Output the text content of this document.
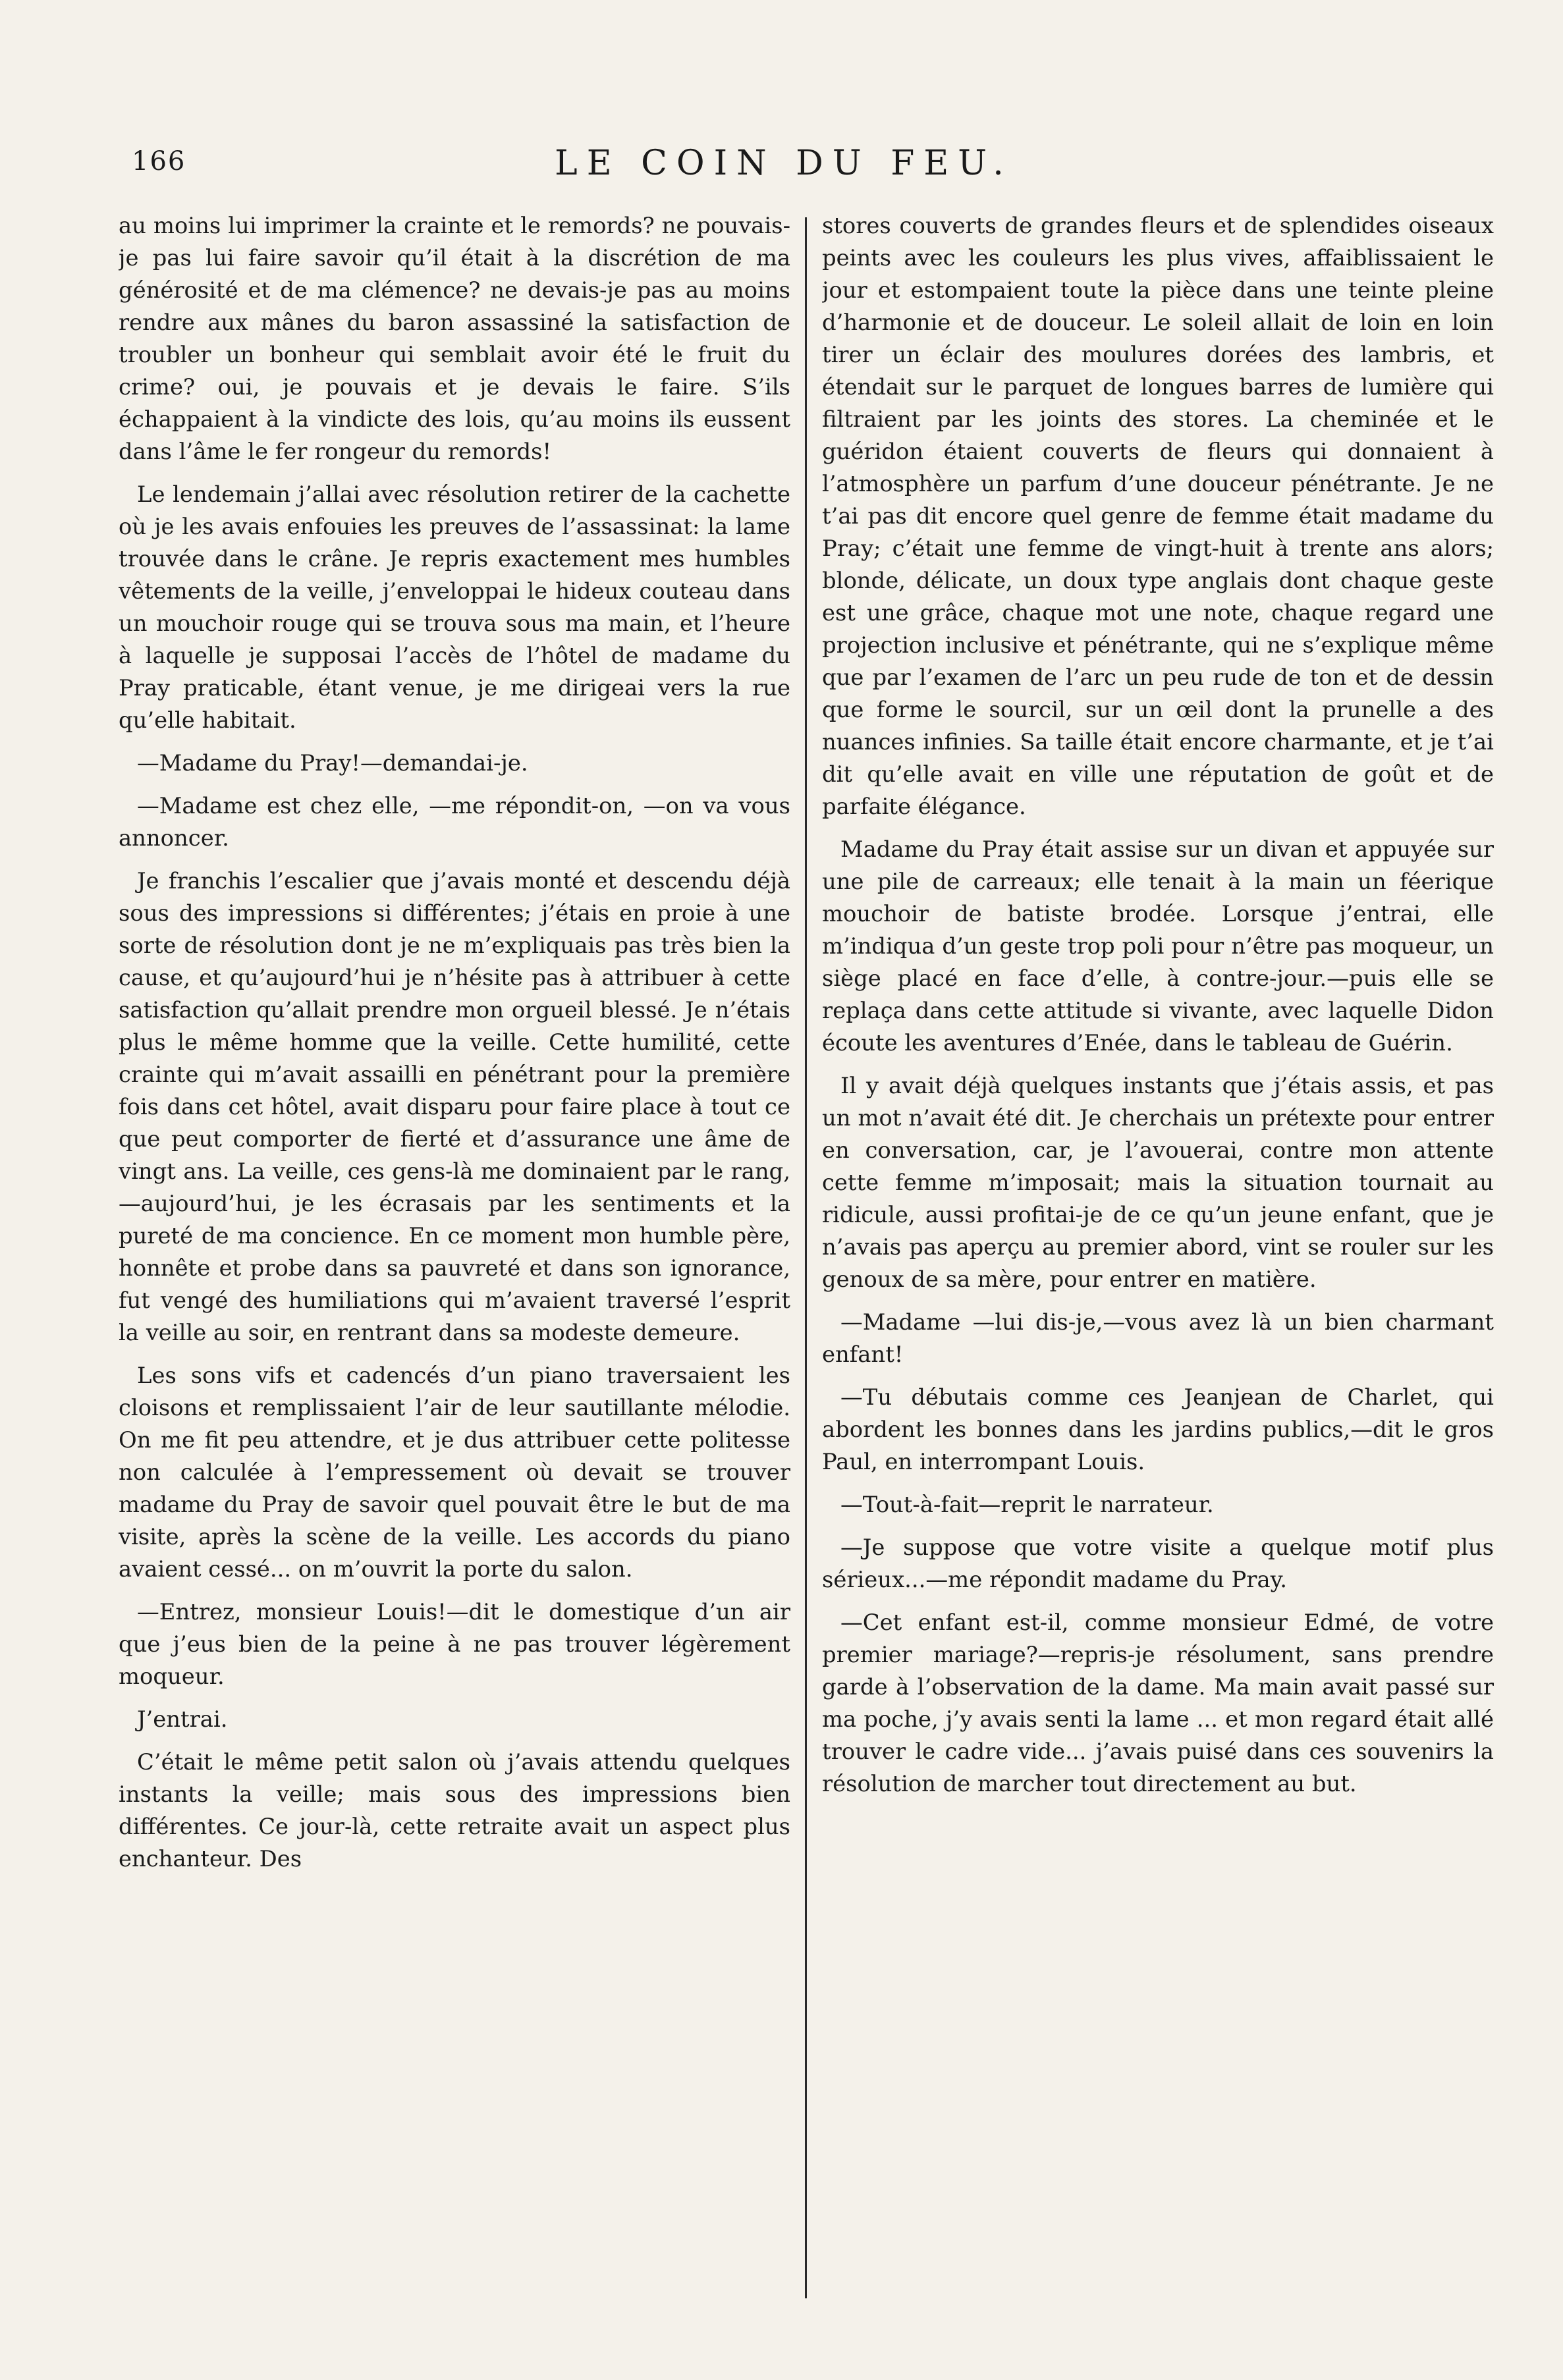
166	LE COIN DU FEU.

au moins lui imprimer la crainte et le remords? ne pouvais-je pas lui faire savoir qu’il était à la discrétion de ma générosité et de ma clémence? ne devais-je pas au moins rendre aux mânes du baron assassiné la satisfaction de troubler un bonheur qui semblait avoir été le fruit du crime? oui, je pouvais et je devais le faire. S’ils échappaient à la vindicte des lois, qu’au moins ils eussent dans l’âme le fer rongeur du remords!

Le lendemain j’allai avec résolution retirer de la cachette où je les avais enfouies les preuves de l’assassinat: la lame trouvée dans le crâne. Je repris exactement mes humbles vêtements de la veille, j’enveloppai le hideux couteau dans un mouchoir rouge qui se trouva sous ma main, et l’heure à laquelle je supposai l’accès de l’hôtel de madame du Pray praticable, étant venue, je me dirigeai vers la rue qu’elle habitait.

—Madame du Pray!—demandai-je.

—Madame est chez elle, —me répondit-on, —on va vous annoncer.

Je franchis l’escalier que j’avais monté et descendu déjà sous des impressions si différentes; j’étais en proie à une sorte de résolution dont je ne m’expliquais pas très bien la cause, et qu’aujourd’hui je n’hésite pas à attribuer à cette satisfaction qu’allait prendre mon orgueil blessé. Je n’étais plus le même homme que la veille. Cette humilité, cette crainte qui m’avait assailli en pénétrant pour la première fois dans cet hôtel, avait disparu pour faire place à tout ce que peut comporter de fierté et d’assurance une âme de vingt ans. La veille, ces gens-là me dominaient par le rang,—aujourd’hui, je les écrasais par les sentiments et la pureté de ma concience. En ce moment mon humble père, honnête et probe dans sa pauvreté et dans son ignorance, fut vengé des humiliations qui m’avaient traversé l’esprit la veille au soir, en rentrant dans sa modeste demeure.

Les sons vifs et cadencés d’un piano traversaient les cloisons et remplissaient l’air de leur sautillante mélodie. On me fit peu attendre, et je dus attribuer cette politesse non calculée à l’empressement où devait se trouver madame du Pray de savoir quel pouvait être le but de ma visite, après la scène de la veille. Les accords du piano avaient cessé... on m’ouvrit la porte du salon.

—Entrez, monsieur Louis!—dit le domestique d’un air que j’eus bien de la peine à ne pas trouver légèrement moqueur.

J’entrai.

C’était le même petit salon où j’avais attendu quelques instants la veille; mais sous des impressions bien différentes. Ce jour-là, cette retraite avait un aspect plus enchanteur. Des

stores couverts de grandes fleurs et de splendides oiseaux peints avec les couleurs les plus vives, affaiblissaient le jour et estompaient toute la pièce dans une teinte pleine d’harmonie et de douceur. Le soleil allait de loin en loin tirer un éclair des moulures dorées des lambris, et étendait sur le parquet de longues barres de lumière qui filtraient par les joints des stores. La cheminée et le guéridon étaient couverts de fleurs qui donnaient à l’atmosphère un parfum d’une douceur pénétrante. Je ne t’ai pas dit encore quel genre de femme était madame du Pray; c’était une femme de vingt-huit à trente ans alors; blonde, délicate, un doux type anglais dont chaque geste est une grâce, chaque mot une note, chaque regard une projection inclusive et pénétrante, qui ne s’explique même que par l’examen de l’arc un peu rude de ton et de dessin que forme le sourcil, sur un œil dont la prunelle a des nuances infinies. Sa taille était encore charmante, et je t’ai dit qu’elle avait en ville une réputation de goût et de parfaite élégance.

Madame du Pray était assise sur un divan et appuyée sur une pile de carreaux; elle tenait à la main un féerique mouchoir de batiste brodée. Lorsque j’entrai, elle m’indiqua d’un geste trop poli pour n’être pas moqueur, un siège placé en face d’elle, à contre-jour.—puis elle se replaça dans cette attitude si vivante, avec laquelle Didon écoute les aventures d’Enée, dans le tableau de Guérin.

Il y avait déjà quelques instants que j’étais assis, et pas un mot n’avait été dit. Je cherchais un prétexte pour entrer en conversation, car, je l’avouerai, contre mon attente cette femme m’imposait; mais la situation tournait au ridicule, aussi profitai-je de ce qu’un jeune enfant, que je n’avais pas aperçu au premier abord, vint se rouler sur les genoux de sa mère, pour entrer en matière.

—Madame —lui dis-je,—vous avez là un bien charmant enfant!

—Tu débutais comme ces Jeanjean de Charlet, qui abordent les bonnes dans les jardins publics,—dit le gros Paul, en interrompant Louis.

—Tout-à-fait—reprit le narrateur.

—Je suppose que votre visite a quelque motif plus sérieux...—me répondit madame du Pray.

—Cet enfant est-il, comme monsieur Edmé, de votre premier mariage?—repris-je résolument, sans prendre garde à l’observation de la dame. Ma main avait passé sur ma poche, j’y avais senti la lame ... et mon regard était allé trouver le cadre vide... j’avais puisé dans ces souvenirs la résolution de marcher tout directement au but.
